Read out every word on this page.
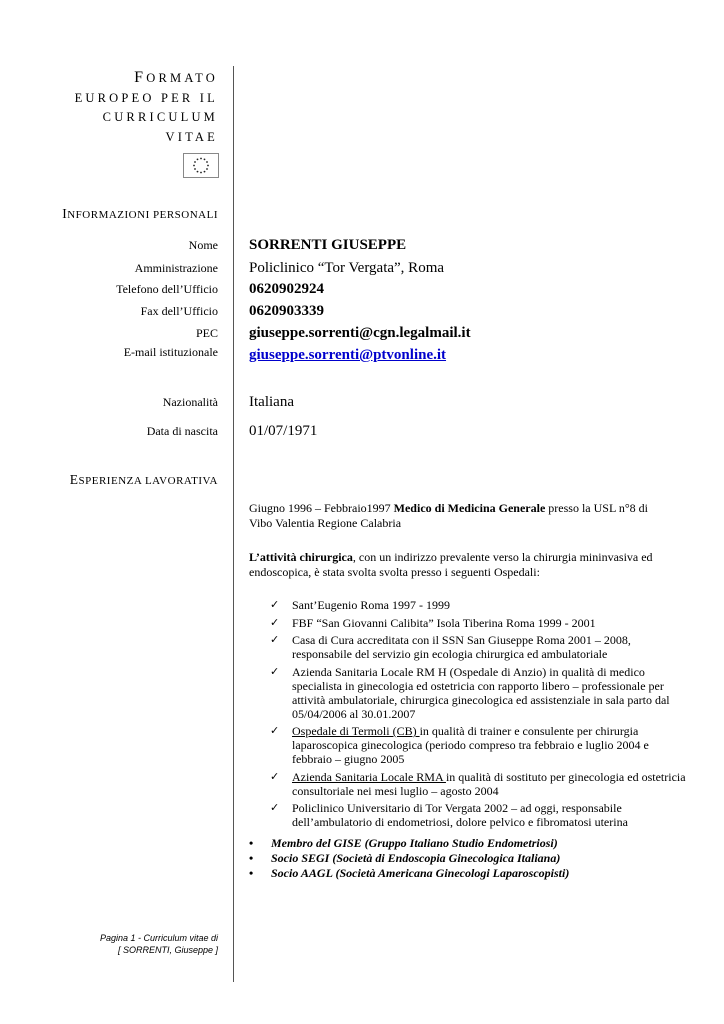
FORMATO
EUROPEO PER IL
CURRICULUM
VITAE
INFORMAZIONI PERSONALI
Nome SORRENTI GIUSEPPE
Amministrazione Policlinico “Tor Vergata”, Roma
Telefono dell’Ufficio 0620902924
Fax dell’Ufficio 0620903339
PEC giuseppe.sorrenti@cgn.legalmail.it
E-mail istituzionale giuseppe.sorrenti@ptvonline.it
Nazionalità Italiana
Data di nascita 01/07/1971
ESPERIENZA LAVORATIVA
Giugno 1996 – Febbraio1997 Medico di Medicina Generale presso la USL n°8 di Vibo Valentia Regione Calabria
L’attività chirurgica, con un indirizzo prevalente verso la chirurgia mininvasiva ed endoscopica, è stata svolta svolta presso i seguenti Ospedali:
✓ Sant’Eugenio Roma 1997 - 1999
✓ FBF “San Giovanni Calibita” Isola Tiberina Roma 1999 - 2001
✓ Casa di Cura accreditata con il SSN San Giuseppe Roma 2001 – 2008, responsabile del servizio gin ecologia chirurgica ed ambulatoriale
✓ Azienda Sanitaria Locale RM H (Ospedale di Anzio) in qualità di medico specialista in ginecologia ed ostetricia con rapporto libero – professionale per attività ambulatoriale, chirurgica ginecologica ed assistenziale in sala parto dal 05/04/2006 al 30.01.2007
✓ Ospedale di Termoli (CB) in qualità di trainer e consulente per chirurgia laparoscopica ginecologica (periodo compreso tra febbraio e luglio 2004 e febbraio – giugno 2005
✓ Azienda Sanitaria Locale RMA in qualità di sostituto per ginecologia ed ostetricia consultoriale nei mesi luglio – agosto 2004
✓ Policlinico Universitario di Tor Vergata 2002 – ad oggi, responsabile dell’ambulatorio di endometriosi, dolore pelvico e fibromatosi uterina
• Membro del GISE (Gruppo Italiano Studio Endometriosi)
• Socio SEGI (Società di Endoscopia Ginecologica Italiana)
• Socio AAGL (Società Americana Ginecologi Laparoscopisti)
Pagina 1 - Curriculum vitae di
[ SORRENTI, Giuseppe ]
